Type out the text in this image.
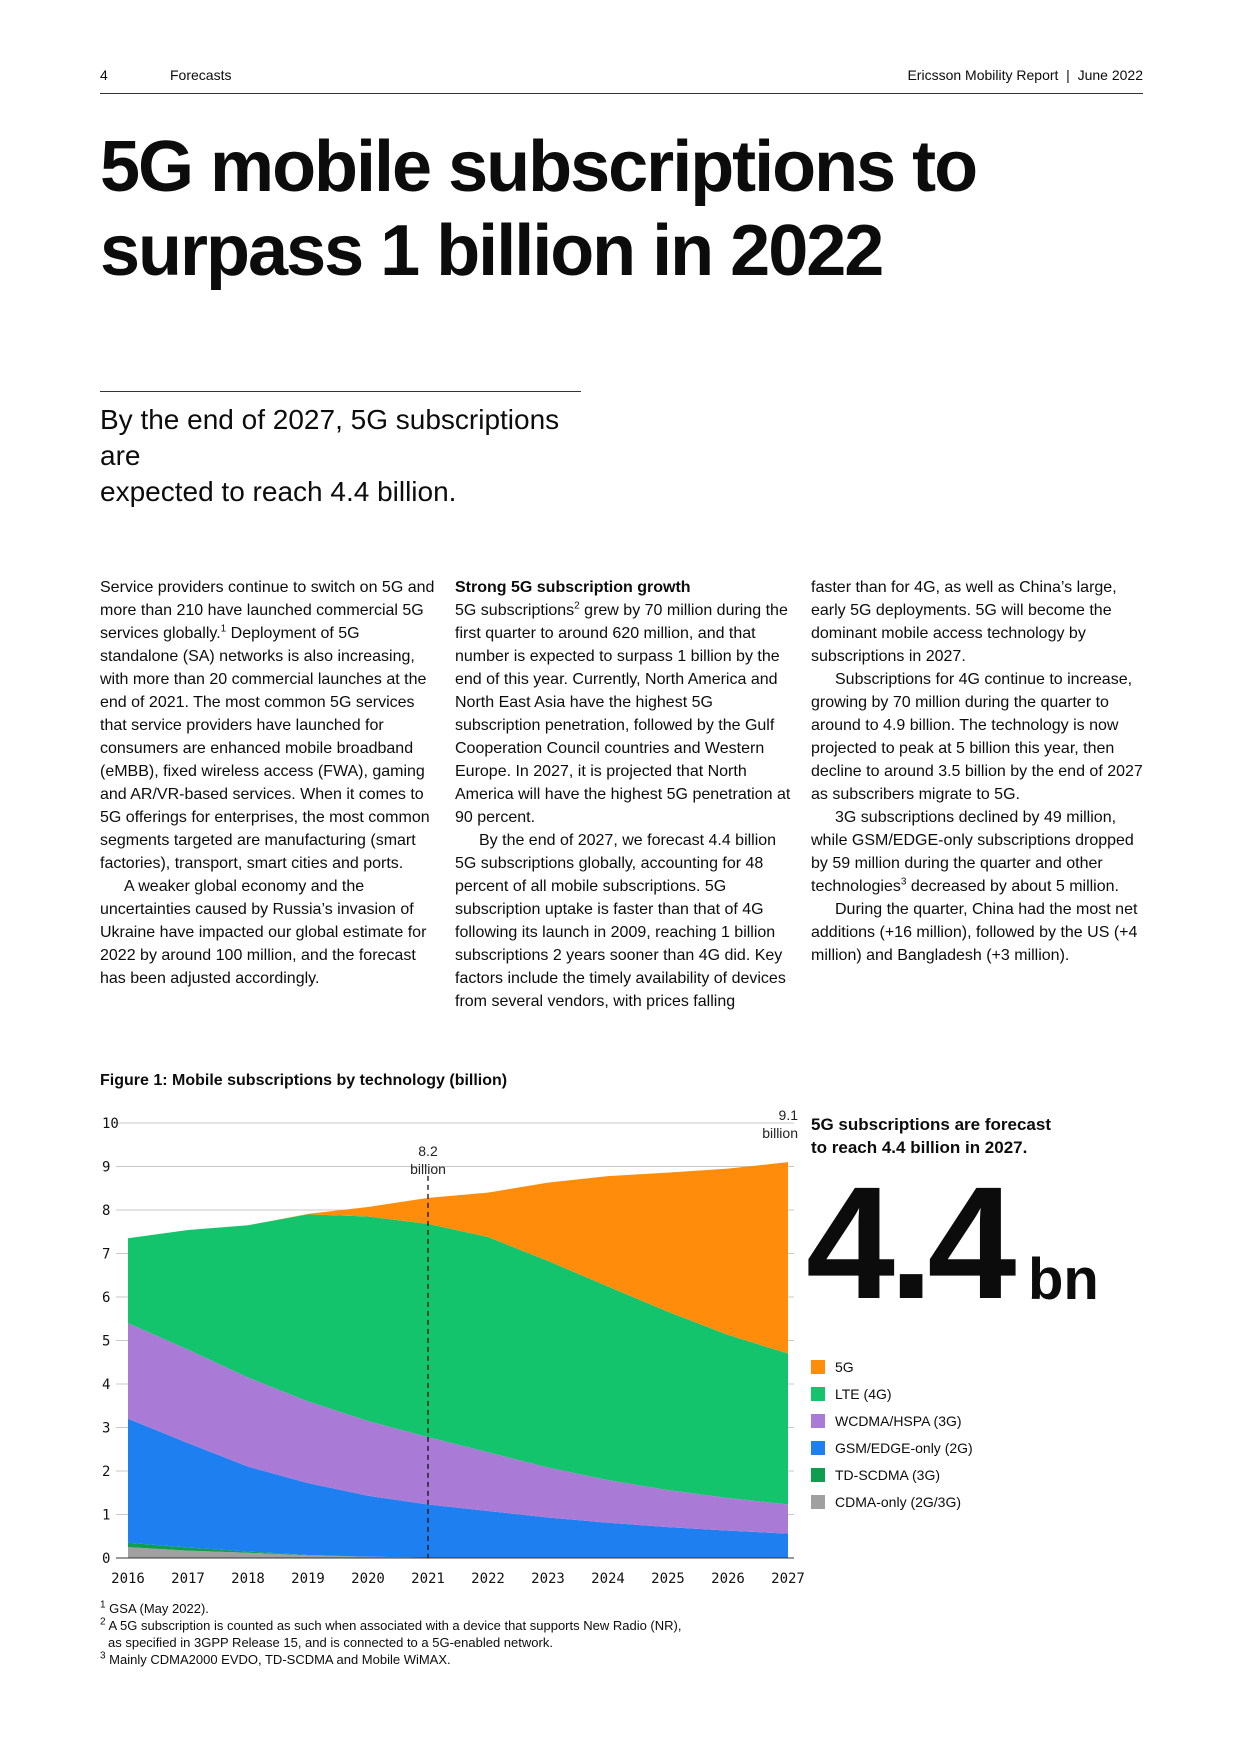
4	Forecasts	Ericsson Mobility Report  |  June 2022
5G mobile subscriptions to
surpass 1 billion in 2022
By the end of 2027, 5G subscriptions are
expected to reach 4.4 billion.

Service providers continue to switch on 5G and more than 210 have launched commercial 5G services globally.$^1$ Deployment of 5G standalone (SA) networks is also increasing, with more than 20 commercial launches at the end of 2021. The most common 5G services that service providers have launched for consumers are enhanced mobile broadband (eMBB), fixed wireless access (FWA), gaming and AR/VR-based services. When it comes to 5G offerings for enterprises, the most common segments targeted are manufacturing (smart factories), transport, smart cities and ports.

A weaker global economy and the uncertainties caused by Russia’s invasion of Ukraine have impacted our global estimate for 2022 by around 100 million, and the forecast has been adjusted accordingly.

Strong 5G subscription growth

5G subscriptions$^2$ grew by 70 million during the first quarter to around 620 million, and that number is expected to surpass 1 billion by the end of this year. Currently, North America and North East Asia have the highest 5G subscription penetration, followed by the Gulf Cooperation Council countries and Western Europe. In 2027, it is projected that North America will have the highest 5G penetration at 90 percent.

By the end of 2027, we forecast 4.4 billion 5G subscriptions globally, accounting for 48 percent of all mobile subscriptions. 5G subscription uptake is faster than that of 4G following its launch in 2009, reaching 1 billion subscriptions 2 years sooner than 4G did. Key factors include the timely availability of devices from several vendors, with prices falling

faster than for 4G, as well as China’s large, early 5G deployments. 5G will become the dominant mobile access technology by subscriptions in 2027.

Subscriptions for 4G continue to increase, growing by 70 million during the quarter to around to 4.9 billion. The technology is now projected to peak at 5 billion this year, then decline to around 3.5 billion by the end of 2027 as subscribers migrate to 5G.

3G subscriptions declined by 49 million, while GSM/EDGE-only subscriptions dropped by 59 million during the quarter and other technologies$^3$ decreased by about 5 million.

During the quarter, China had the most net additions (+16 million), followed by the US (+4 million) and Bangladesh (+3 million).

Figure 1: Mobile subscriptions by technology (billion)
0
1
2
3
4
5
6
7
8
9
10
2016 2017 2018 2019 2020 2021 2022 2023 2024 2025 2026 2027
8.2
billion
9.1
billion 5G subscriptions are forecast
to reach 4.4 billion in 2027.
4.4 bn
5G
LTE (4G)
WCDMA/HSPA (3G)
GSM/EDGE-only (2G)
TD-SCDMA (3G)
CDMA-only (2G/3G)
$^1$ GSA (May 2022).
$^2$ A 5G subscription is counted as such when associated with a device that supports New Radio (NR),
as specified in 3GPP Release 15, and is connected to a 5G-enabled network.
$^3$ Mainly CDMA2000 EVDO, TD-SCDMA and Mobile WiMAX.
